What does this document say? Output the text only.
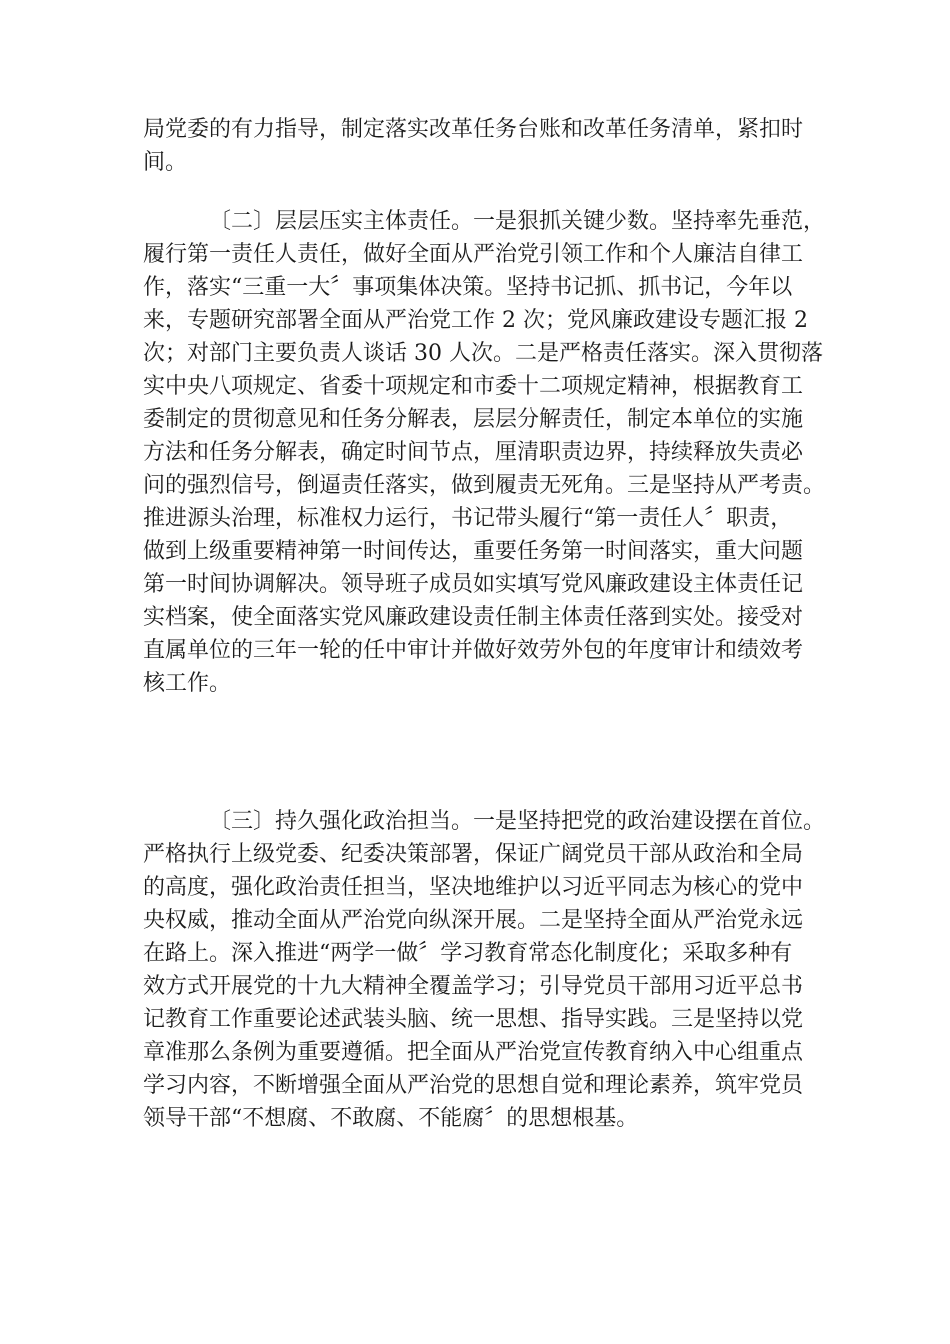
局党委的有力指导，制定落实改革任务台账和改革任务清单，紧扣时
间。
〔二〕层层压实主体责任。一是狠抓关键少数。坚持率先垂范，
履行第一责任人责任，做好全面从严治党引领工作和个人廉洁自律工
作，落实“三重一大〞事项集体决策。坚持书记抓、抓书记，今年以
来，专题研究部署全面从严治党工作 2 次；党风廉政建设专题汇报 2
次；对部门主要负责人谈话 30 人次。二是严格责任落实。深入贯彻落
实中央八项规定、省委十项规定和市委十二项规定精神，根据教育工
委制定的贯彻意见和任务分解表，层层分解责任，制定本单位的实施
方法和任务分解表，确定时间节点，厘清职责边界，持续释放失责必
问的强烈信号，倒逼责任落实，做到履责无死角。三是坚持从严考责。
推进源头治理，标准权力运行，书记带头履行“第一责任人〞职责，
做到上级重要精神第一时间传达，重要任务第一时间落实，重大问题
第一时间协调解决。领导班子成员如实填写党风廉政建设主体责任记
实档案，使全面落实党风廉政建设责任制主体责任落到实处。接受对
直属单位的三年一轮的任中审计并做好效劳外包的年度审计和绩效考
核工作。
〔三〕持久强化政治担当。一是坚持把党的政治建设摆在首位。
严格执行上级党委、纪委决策部署，保证广阔党员干部从政治和全局
的高度，强化政治责任担当，坚决地维护以习近平同志为核心的党中
央权威，推动全面从严治党向纵深开展。二是坚持全面从严治党永远
在路上。深入推进“两学一做〞学习教育常态化制度化；采取多种有
效方式开展党的十九大精神全覆盖学习；引导党员干部用习近平总书
记教育工作重要论述武装头脑、统一思想、指导实践。三是坚持以党
章准那么条例为重要遵循。把全面从严治党宣传教育纳入中心组重点
学习内容，不断增强全面从严治党的思想自觉和理论素养，筑牢党员
领导干部“不想腐、不敢腐、不能腐〞的思想根基。
